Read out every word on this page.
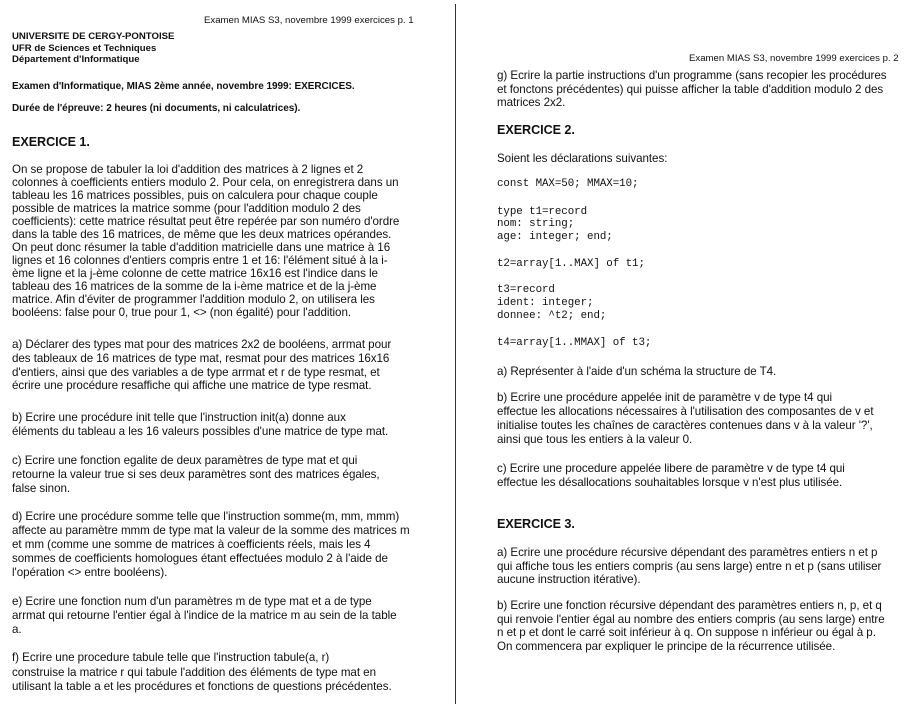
Examen MIAS S3, novembre 1999 exercices p. 1
UNIVERSITE DE CERGY-PONTOISE
UFR de Sciences et Techniques
Département d'Informatique
Examen d'Informatique, MIAS 2ème année, novembre 1999: EXERCICES.
Durée de l'épreuve: 2 heures (ni documents, ni calculatrices).
EXERCICE 1.
On se propose de tabuler la loi d'addition des matrices à 2 lignes et 2
colonnes à coefficients entiers modulo 2. Pour cela, on enregistrera dans un
tableau les 16 matrices possibles, puis on calculera pour chaque couple
possible de matrices la matrice somme (pour l'addition modulo 2 des
coefficients): cette matrice résultat peut être repérée par son numéro d'ordre
dans la table des 16 matrices, de même que les deux matrices opérandes.
On peut donc résumer la table d'addition matricielle dans une matrice à 16
lignes et 16 colonnes d'entiers compris entre 1 et 16: l'élément situé à la i-
ème ligne et la j-ème colonne de cette matrice 16x16 est l'indice dans le
tableau des 16 matrices de la somme de la i-ème matrice et de la j-ème
matrice. Afin d'éviter de programmer l'addition modulo 2, on utilisera les
booléens: false pour 0, true pour 1, <> (non égalité) pour l'addition.
a) Déclarer des types mat pour des matrices 2x2 de booléens, arrmat pour
des tableaux de 16 matrices de type mat, resmat pour des matrices 16x16
d'entiers, ainsi que des variables a de type arrmat et r de type resmat, et
écrire une procédure resaffiche qui affiche une matrice de type resmat.
b) Ecrire une procédure init telle que l'instruction init(a) donne aux
éléments du tableau a les 16 valeurs possibles d'une matrice de type mat.
c) Ecrire une fonction egalite de deux paramètres de type mat et qui
retourne la valeur true si ses deux paramètres sont des matrices égales,
false sinon.
d) Ecrire une procédure somme telle que l'instruction somme(m, mm, mmm)
affecte au paramètre mmm de type mat la valeur de la somme des matrices m
et mm (comme une somme de matrices à coefficients réels, mais les 4
sommes de coefficients homologues étant effectuées modulo 2 à l'aide de
l'opération <> entre booléens).
e) Ecrire une fonction num d'un paramètres m de type mat et a de type
arrmat qui retourne l'entier égal à l'indice de la matrice m au sein de la table
a.
f) Ecrire une procedure tabule telle que l'instruction tabule(a, r)
construise la matrice r qui tabule l'addition des éléments de type mat en
utilisant la table a et les procédures et fonctions de questions précédentes.
Examen MIAS S3, novembre 1999 exercices p. 2
g) Ecrire la partie instructions d'un programme (sans recopier les procédures
et fonctons précédentes) qui puisse afficher la table d'addition modulo 2 des
matrices 2x2.
EXERCICE 2.
Soient les déclarations suivantes:
const MAX=50; MMAX=10;
type t1=record
nom: string;
age: integer; end;
t2=array[1..MAX] of t1;
t3=record
ident: integer;
donnee: ^t2; end;
t4=array[1..MMAX] of t3;
a) Représenter à l'aide d'un schéma la structure de T4.
b) Ecrire une procédure appelée init de paramètre v de type t4 qui
effectue les allocations nécessaires à l'utilisation des composantes de v et
initialise toutes les chaînes de caractères contenues dans v à la valeur '?',
ainsi que tous les entiers à la valeur 0.
c) Ecrire une procedure appelée libere de paramètre v de type t4 qui
effectue les désallocations souhaitables lorsque v n'est plus utilisée.
EXERCICE 3.
a) Ecrire une procédure récursive dépendant des paramètres entiers n et p
qui affiche tous les entiers compris (au sens large) entre n et p (sans utiliser
aucune instruction itérative).
b) Ecrire une fonction récursive dépendant des paramètres entiers n, p, et q
qui renvoie l'entier égal au nombre des entiers compris (au sens large) entre
n et p et dont le carré soit inférieur à q. On suppose n inférieur ou égal à p.
On commencera par expliquer le principe de la récurrence utilisée.
